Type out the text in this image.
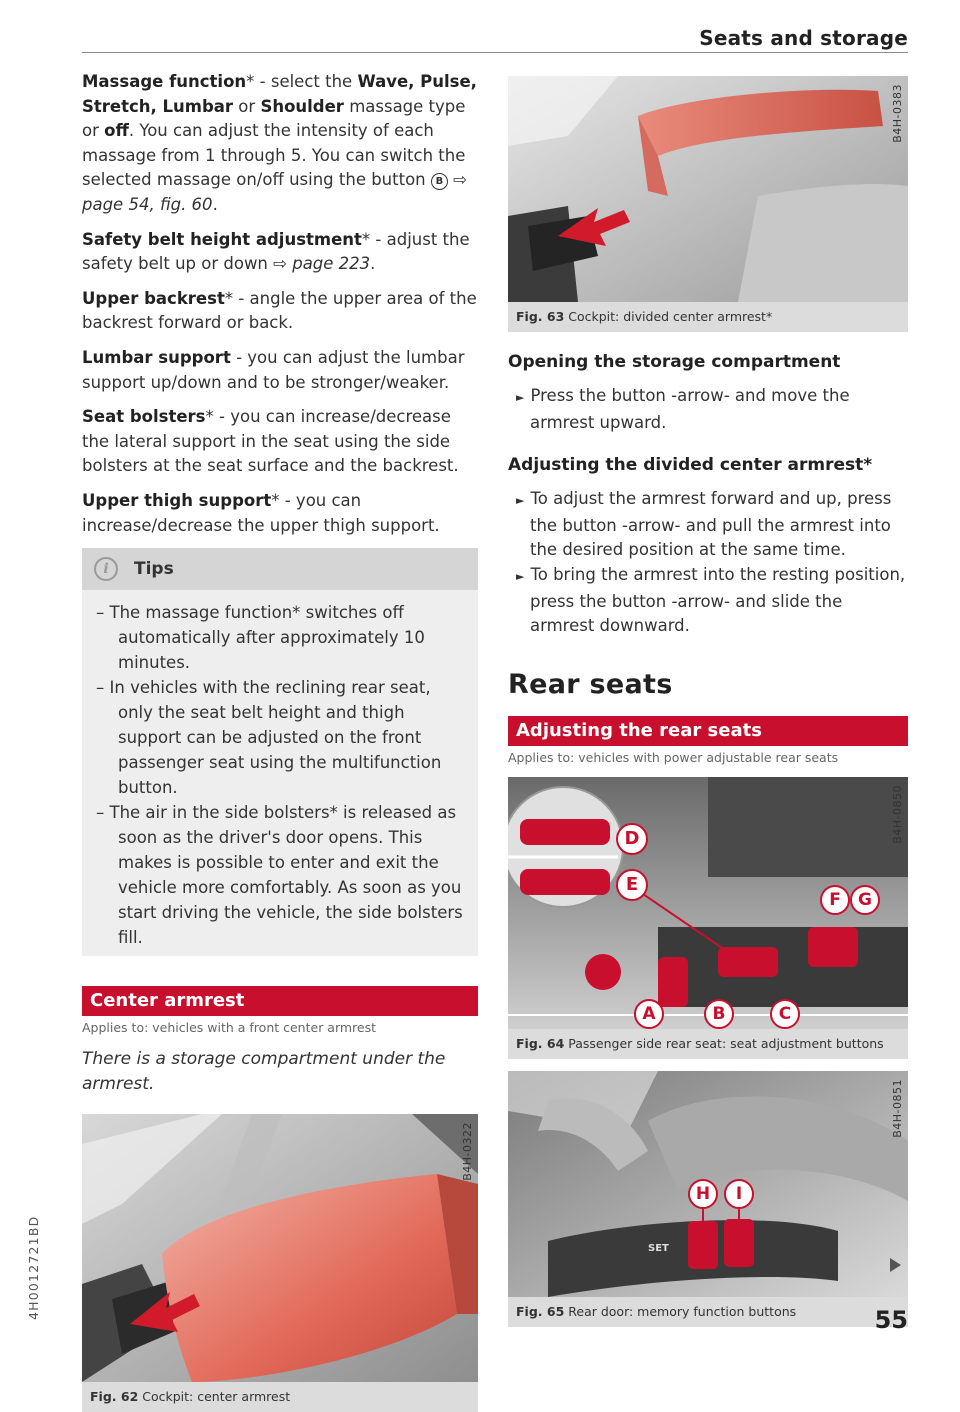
Seats and storage
4H0012721BD

Massage function* - select the Wave, Pulse, Stretch, Lumbar or Shoulder massage type or off. You can adjust the intensity of each massage from 1 through 5. You can switch the selected massage on/off using the button B ⇨ page 54, fig. 60.

Safety belt height adjustment* - adjust the safety belt up or down ⇨ page 223.

Upper backrest* - angle the upper area of the backrest forward or back.

Lumbar support - you can adjust the lumbar support up/down and to be stronger/weaker.

Seat bolsters* - you can increase/decrease the lateral support in the seat using the side bolsters at the seat surface and the backrest.

Upper thigh support* - you can increase/decrease the upper thigh support.

i	Tips
– The massage function* switches off automatically after approximately 10 minutes.
– In vehicles with the reclining rear seat, only the seat belt height and thigh support can be adjusted on the front passenger seat using the multifunction button.
– The air in the side bolsters* is released as soon as the driver's door opens. This makes is possible to enter and exit the vehicle more comfortably. As soon as you start driving the vehicle, the side bolsters fill.
Center armrest
Applies to: vehicles with a front center armrest

There is a storage compartment under the armrest.

B4H-0322
Fig. 62 Cockpit: center armrest
B4H-0383
Fig. 63 Cockpit: divided center armrest*
Opening the storage compartment
► Press the button -arrow- and move the armrest upward.
Adjusting the divided center armrest*
► To adjust the armrest forward and up, press the button -arrow- and pull the armrest into the desired position at the same time.
► To bring the armrest into the resting position, press the button -arrow- and slide the armrest downward.
Rear seats
Adjusting the rear seats
Applies to: vehicles with power adjustable rear seats
D
E
F	G
A	B	C
B4H-0850
Fig. 64 Passenger side rear seat: seat adjustment buttons
SET
H	I
B4H-0851
Fig. 65 Rear door: memory function buttons	55
